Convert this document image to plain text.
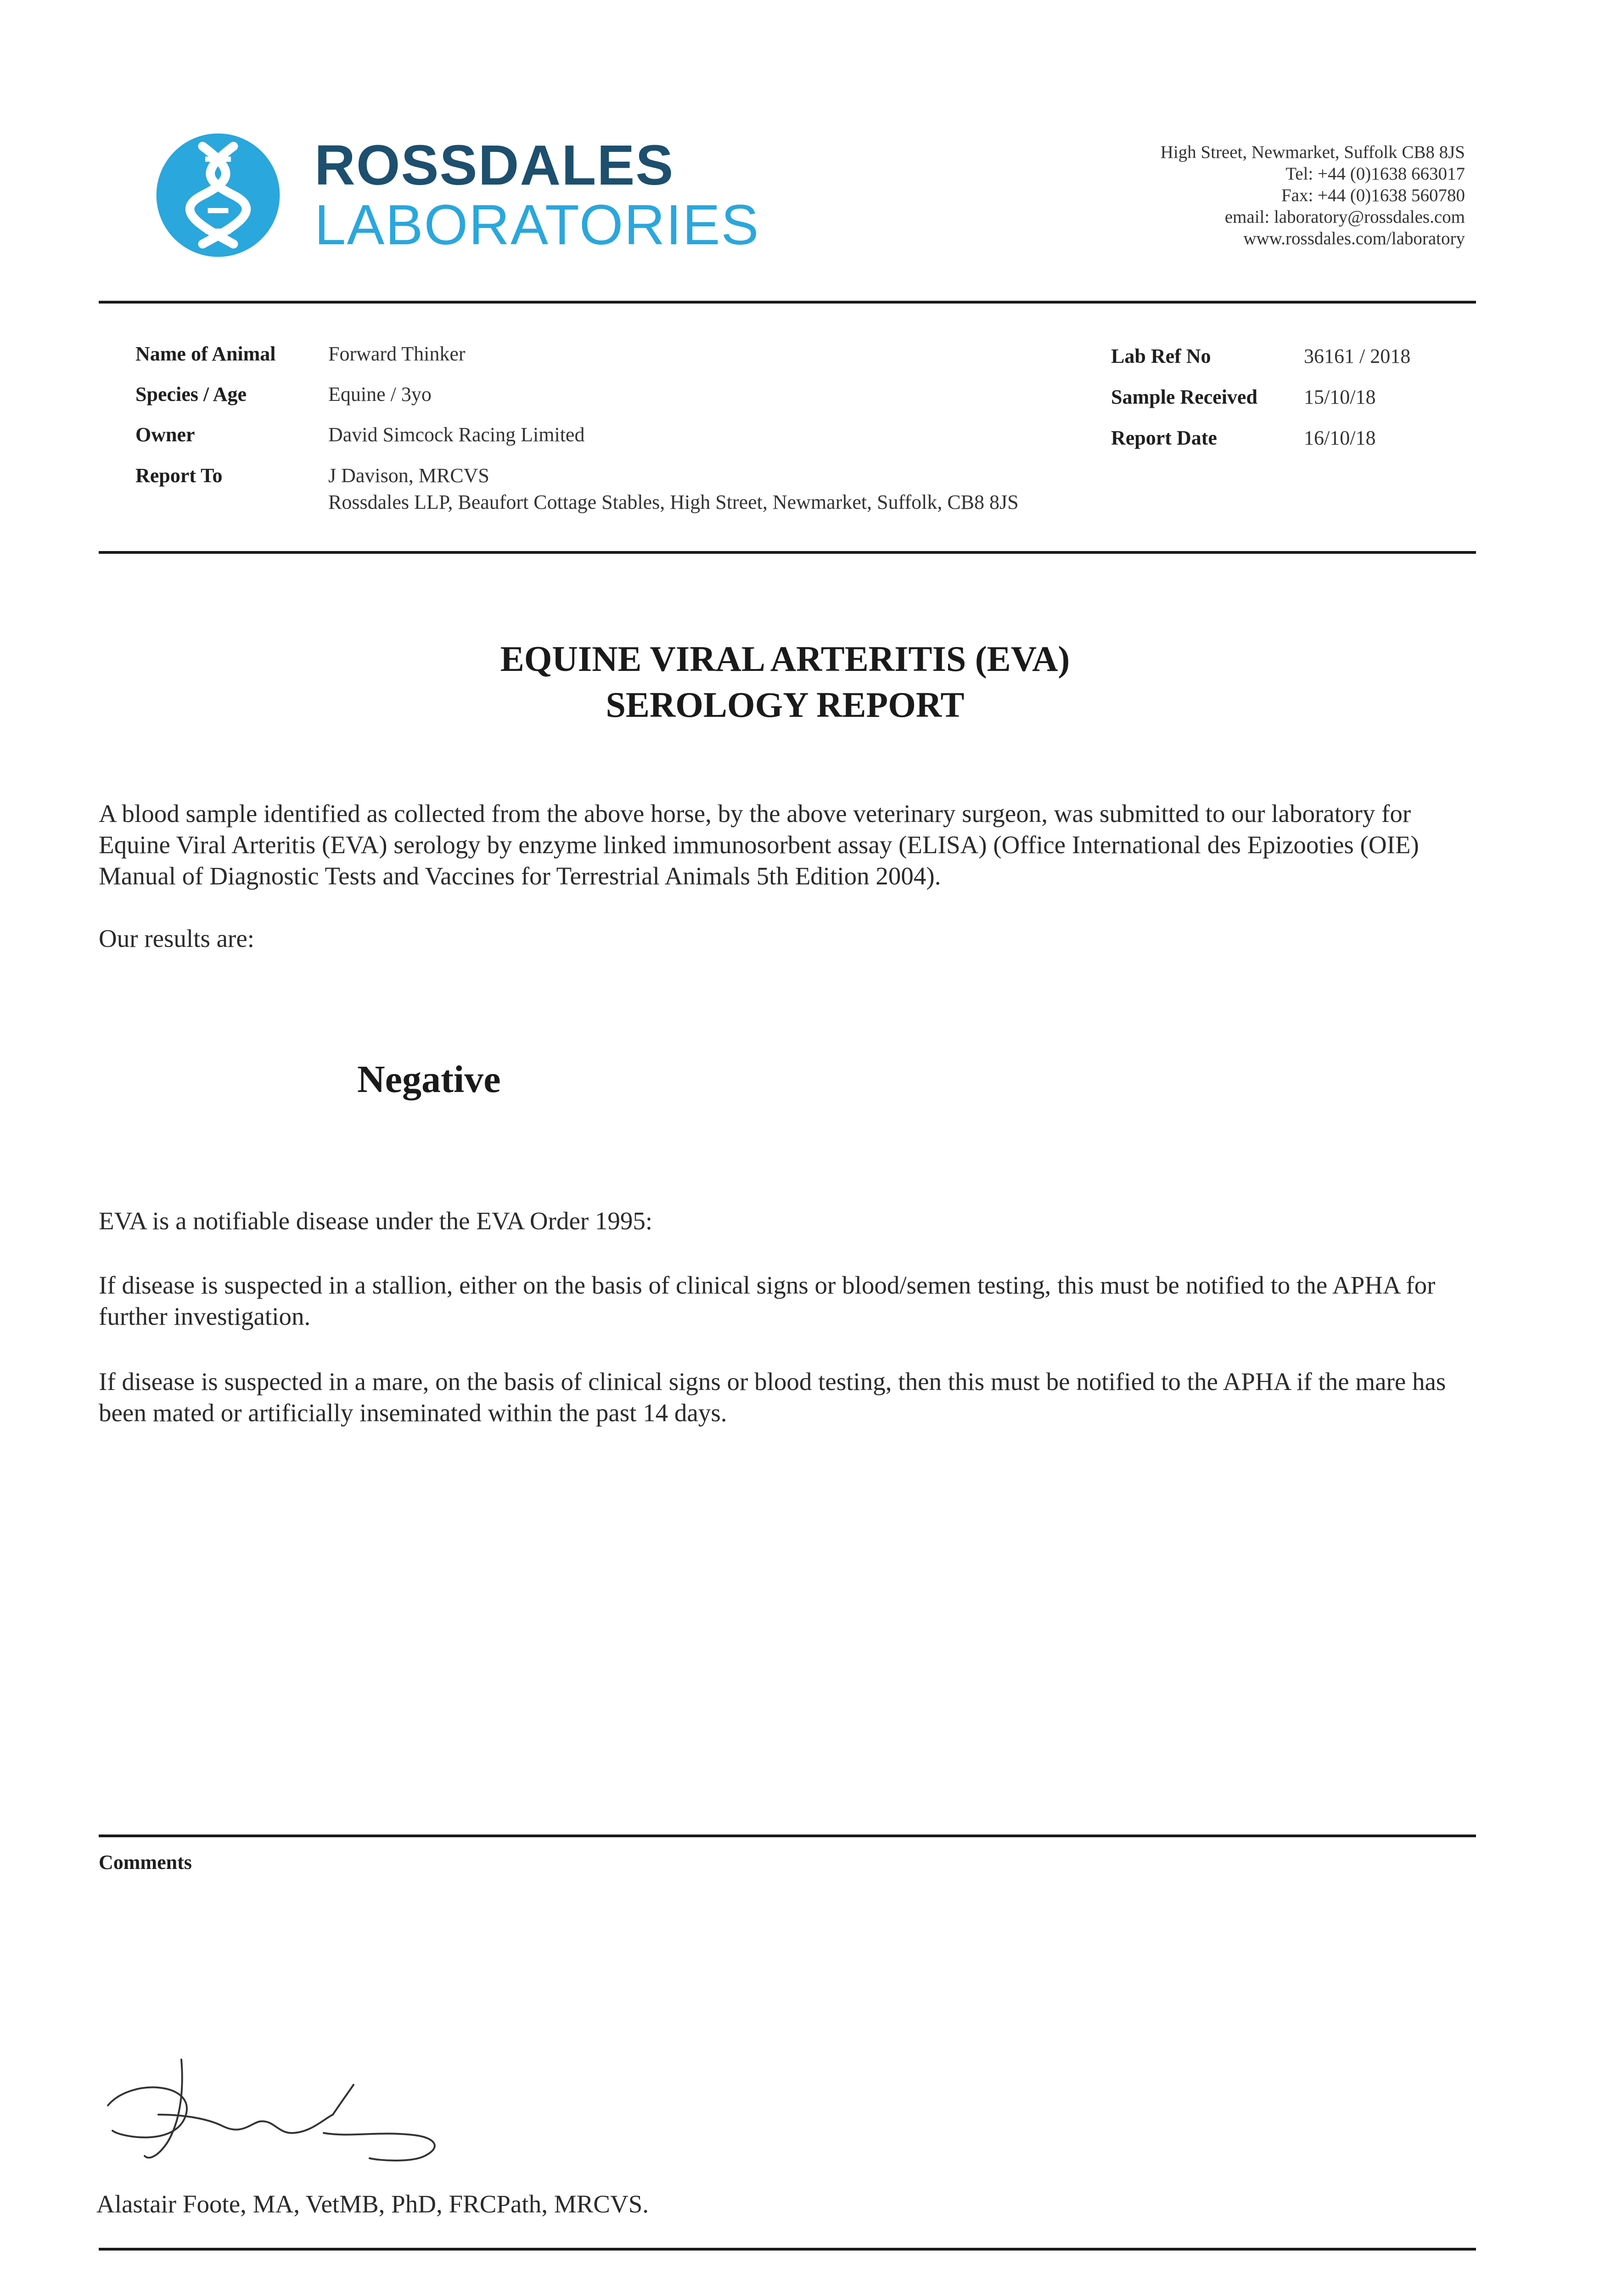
ROSSDALES
LABORATORIES
High Street, Newmarket, Suffolk CB8 8JS
Tel: +44 (0)1638 663017
Fax: +44 (0)1638 560780
email: laboratory@rossdales.com
www.rossdales.com/laboratory
Name of Animal	Forward Thinker
Species / Age	Equine / 3yo
Owner	David Simcock Racing Limited
Report To	J Davison, MRCVS
Rossdales LLP, Beaufort Cottage Stables, High Street, Newmarket, Suffolk, CB8 8JS
Lab Ref No	36161 / 2018
Sample Received 15/10/18
Report Date	16/10/18
EQUINE VIRAL ARTERITIS (EVA)
SEROLOGY REPORT
A blood sample identified as collected from the above horse, by the above veterinary surgeon, was submitted to our laboratory for Equine Viral Arteritis (EVA) serology by enzyme linked immunosorbent assay (ELISA) (Office International des Epizooties (OIE) Manual of Diagnostic Tests and Vaccines for Terrestrial Animals 5th Edition 2004).
Our results are:
Negative
EVA is a notifiable disease under the EVA Order 1995:
If disease is suspected in a stallion, either on the basis of clinical signs or blood/semen testing, this must be notified to the APHA for further investigation.
If disease is suspected in a mare, on the basis of clinical signs or blood testing, then this must be notified to the APHA if the mare has been mated or artificially inseminated within the past 14 days.
Comments
Alastair Foote, MA, VetMB, PhD, FRCPath, MRCVS.
